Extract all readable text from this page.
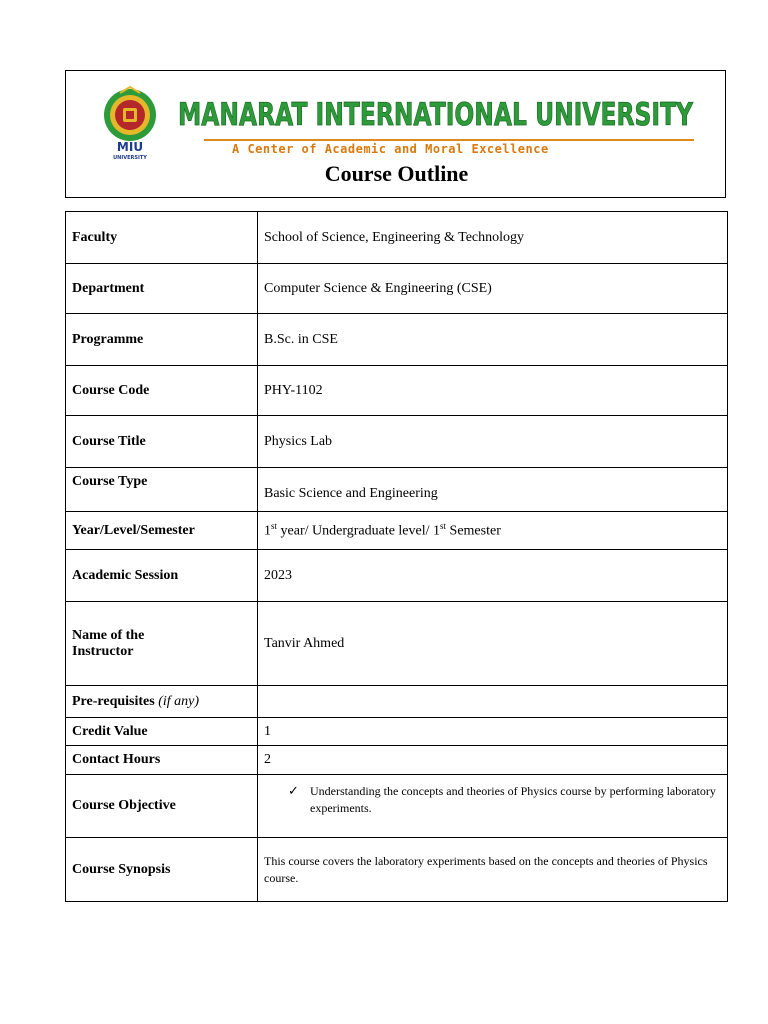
MIU
UNIVERSITY
MANARAT INTERNATIONAL UNIVERSITY
A Center of Academic and Moral Excellence
Course Outline
Faculty	School of Science, Engineering & Technology
Department	Computer Science & Engineering (CSE)
Programme	B.Sc. in CSE
Course Code	PHY-1102
Course Title	Physics Lab
Course Type	Basic Science and Engineering
Year/Level/Semester	1st year/ Undergraduate level/ 1st Semester
Academic Session	2023

Name of the
Instructor	Tanvir Ahmed
Pre-requisites (if any)	
Credit Value	1
Contact Hours	2
Course Objective	✓ Understanding the concepts and theories of Physics course by performing laboratory experiments.

Course Synopsis	This course covers the laboratory experiments based on the concepts and theories of Physics course.
